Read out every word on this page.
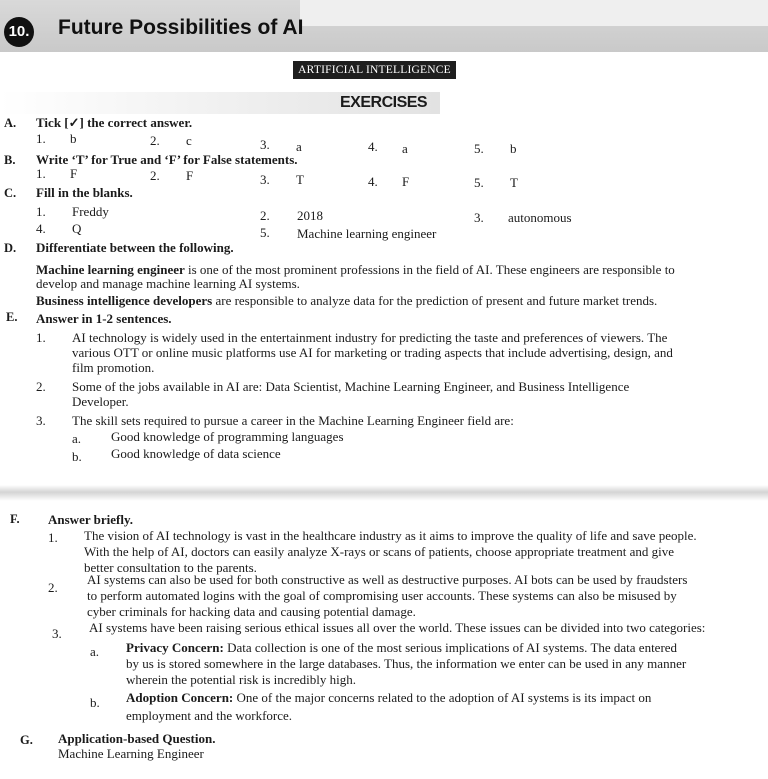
10. Future Possibilities of AI
ARTIFICIAL INTELLIGENCE
EXERCISES
A. Tick [✓] the correct answer.
1. b	2. c	3. a	4. a	5. b
B. Write ‘T’ for True and ‘F’ for False statements.
1. F	2. F	3. T	4. F	5. T
C. Fill in the blanks.
1. Freddy	2. 2018	3. autonomous
4. Q	5. Machine learning engineer
D. Differentiate between the following.
Machine learning engineer is one of the most prominent professions in the field of AI. These engineers are responsible to
develop and manage machine learning AI systems.
Business intelligence developers are responsible to analyze data for the prediction of present and future market trends.
E. Answer in 1-2 sentences.
1. AI technology is widely used in the entertainment industry for predicting the taste and preferences of viewers. The
various OTT or online music platforms use AI for marketing or trading aspects that include advertising, design, and
film promotion.
2. Some of the jobs available in AI are: Data Scientist, Machine Learning Engineer, and Business Intelligence
Developer.
3. The skill sets required to pursue a career in the Machine Learning Engineer field are:
a. Good knowledge of programming languages
b. Good knowledge of data science
F. Answer briefly.
1. The vision of AI technology is vast in the healthcare industry as it aims to improve the quality of life and save people.
With the help of AI, doctors can easily analyze X-rays or scans of patients, choose appropriate treatment and give
better consultation to the parents.
2.
AI systems can also be used for both constructive as well as destructive purposes. AI bots can be used by fraudsters
to perform automated logins with the goal of compromising user accounts. These systems can also be misused by
cyber criminals for hacking data and causing potential damage.
3. AI systems have been raising serious ethical issues all over the world. These issues can be divided into two categories:
a. Privacy Concern: Data collection is one of the most serious implications of AI systems. The data entered
by us is stored somewhere in the large databases. Thus, the information we enter can be used in any manner
wherein the potential risk is incredibly high.
b. Adoption Concern: One of the major concerns related to the adoption of AI systems is its impact on
employment and the workforce.
G. Application-based Question.
Machine Learning Engineer
